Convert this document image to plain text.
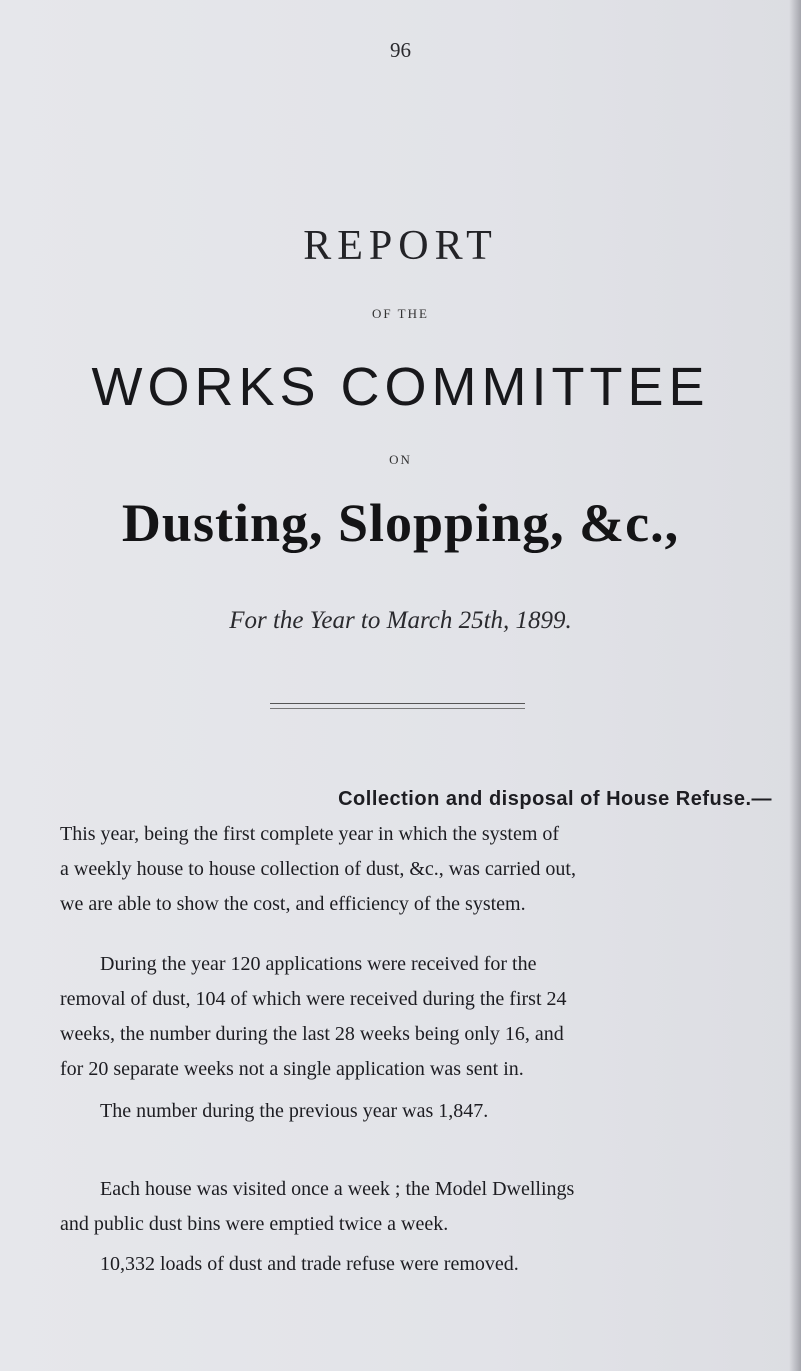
96
REPORT
OF THE
WORKS COMMITTEE
ON
Dusting, Slopping, &c.,
For the Year to March 25th, 1899.
Collection and disposal of House Refuse.—
This year, being the first complete year in which the system of
a weekly house to house collection of dust, &c., was carried out,
we are able to show the cost, and efficiency of the system.
During the year 120 applications were received for the
removal of dust, 104 of which were received during the first 24
weeks, the number during the last 28 weeks being only 16, and
for 20 separate weeks not a single application was sent in.
The number during the previous year was 1,847.
Each house was visited once a week ; the Model Dwellings
and public dust bins were emptied twice a week.
10,332 loads of dust and trade refuse were removed.
